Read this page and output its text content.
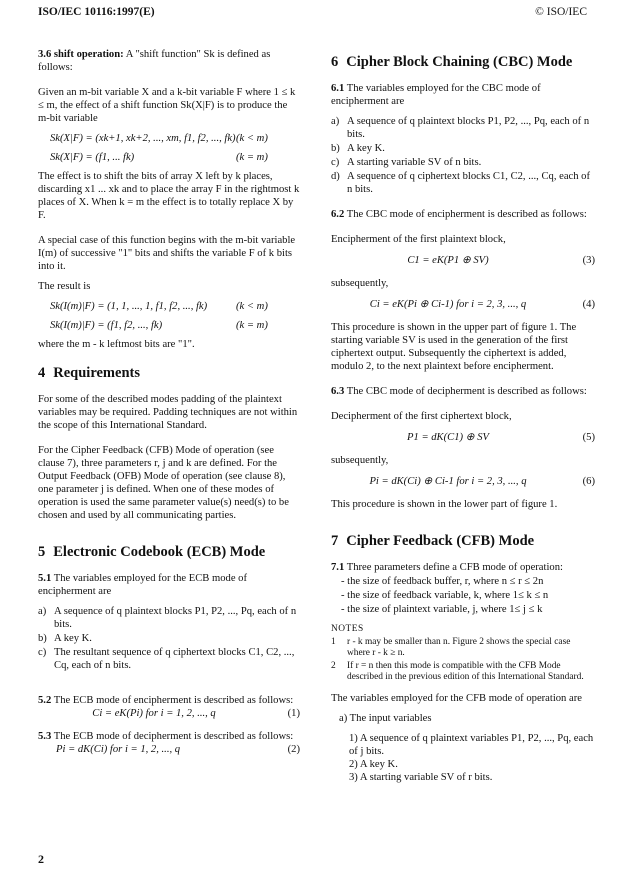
ISO/IEC 10116:1997(E)	© ISO/IEC

3.6 shift operation: A "shift function" Sk is defined as follows:

Given an m-bit variable X and a k-bit variable F where 1 ≤ k ≤ m, the effect of a shift function Sk(X|F) is to produce the m-bit variable

Sk(X|F) = (xk+1, xk+2, ..., xm, f1, f2, ..., fk) (k < m)
Sk(X|F) = (f1, ... fk)	(k = m)

The effect is to shift the bits of array X left by k places, discarding x1 ... xk and to place the array F in the rightmost k places of X. When k = m the effect is to totally replace X by F.

A special case of this function begins with the m-bit variable I(m) of successive "1" bits and shifts the variable F of k bits into it.

The result is

Sk(I(m)|F) = (1, 1, ..., 1, f1, f2, ..., fk)	(k < m)
Sk(I(m)|F) = (f1, f2, ..., fk)	(k = m)

where the m - k leftmost bits are "1".

4 Requirements

For some of the described modes padding of the plaintext variables may be required. Padding techniques are not within the scope of this International Standard.

For the Cipher Feedback (CFB) Mode of operation (see clause 7), three parameters r, j and k are defined. For the Output Feedback (OFB) Mode of operation (see clause 8), one parameter j is defined. When one of these modes of operation is used the same parameter value(s) need(s) to be chosen and used by all communicating parties.

5 Electronic Codebook (ECB) Mode

5.1 The variables employed for the ECB mode of encipherment are

a) A sequence of q plaintext blocks P1, P2, ..., Pq, each of n bits.
b) A key K.
c) The resultant sequence of q ciphertext blocks C1, C2, ..., Cq, each of n bits.

5.2 The ECB mode of encipherment is described as follows:

Ci = eK(Pi) for i = 1, 2, ..., q	(1)

5.3 The ECB mode of decipherment is described as follows:

Pi = dK(Ci) for i = 1, 2, ..., q	(2)
6 Cipher Block Chaining (CBC) Mode

6.1 The variables employed for the CBC mode of encipherment are

a) A sequence of q plaintext blocks P1, P2, ..., Pq, each of n bits.
b) A key K.
c) A starting variable SV of n bits.
d) A sequence of q ciphertext blocks C1, C2, ..., Cq, each of n bits.

6.2 The CBC mode of encipherment is described as follows:

Encipherment of the first plaintext block,

C1 = eK(P1 ⊕ SV)	(3)

subsequently,

Ci = eK(Pi ⊕ Ci-1) for i = 2, 3, ..., q	(4)

This procedure is shown in the upper part of figure 1. The starting variable SV is used in the generation of the first ciphertext output. Subsequently the ciphertext is added, modulo 2, to the next plaintext before encipherment.

6.3 The CBC mode of decipherment is described as follows:

Decipherment of the first ciphertext block,

P1 = dK(C1) ⊕ SV	(5)

subsequently,

Pi = dK(Ci) ⊕ Ci-1 for i = 2, 3, ..., q	(6)

This procedure is shown in the lower part of figure 1.

7 Cipher Feedback (CFB) Mode

7.1 Three parameters define a CFB mode of operation:

- the size of feedback buffer, r, where n ≤ r ≤ 2n
- the size of feedback variable, k, where 1≤ k ≤ n
- the size of plaintext variable, j, where 1≤ j ≤ k
NOTES
1	r - k may be smaller than n. Figure 2 shows the special case where r - k ≥ n.
2	If r = n then this mode is compatible with the CFB Mode described in the previous edition of this International Standard.

The variables employed for the CFB mode of operation are

a) The input variables

1) A sequence of q plaintext variables P1, P2, ..., Pq, each of j bits.
2) A key K.
3) A starting variable SV of r bits.
2
